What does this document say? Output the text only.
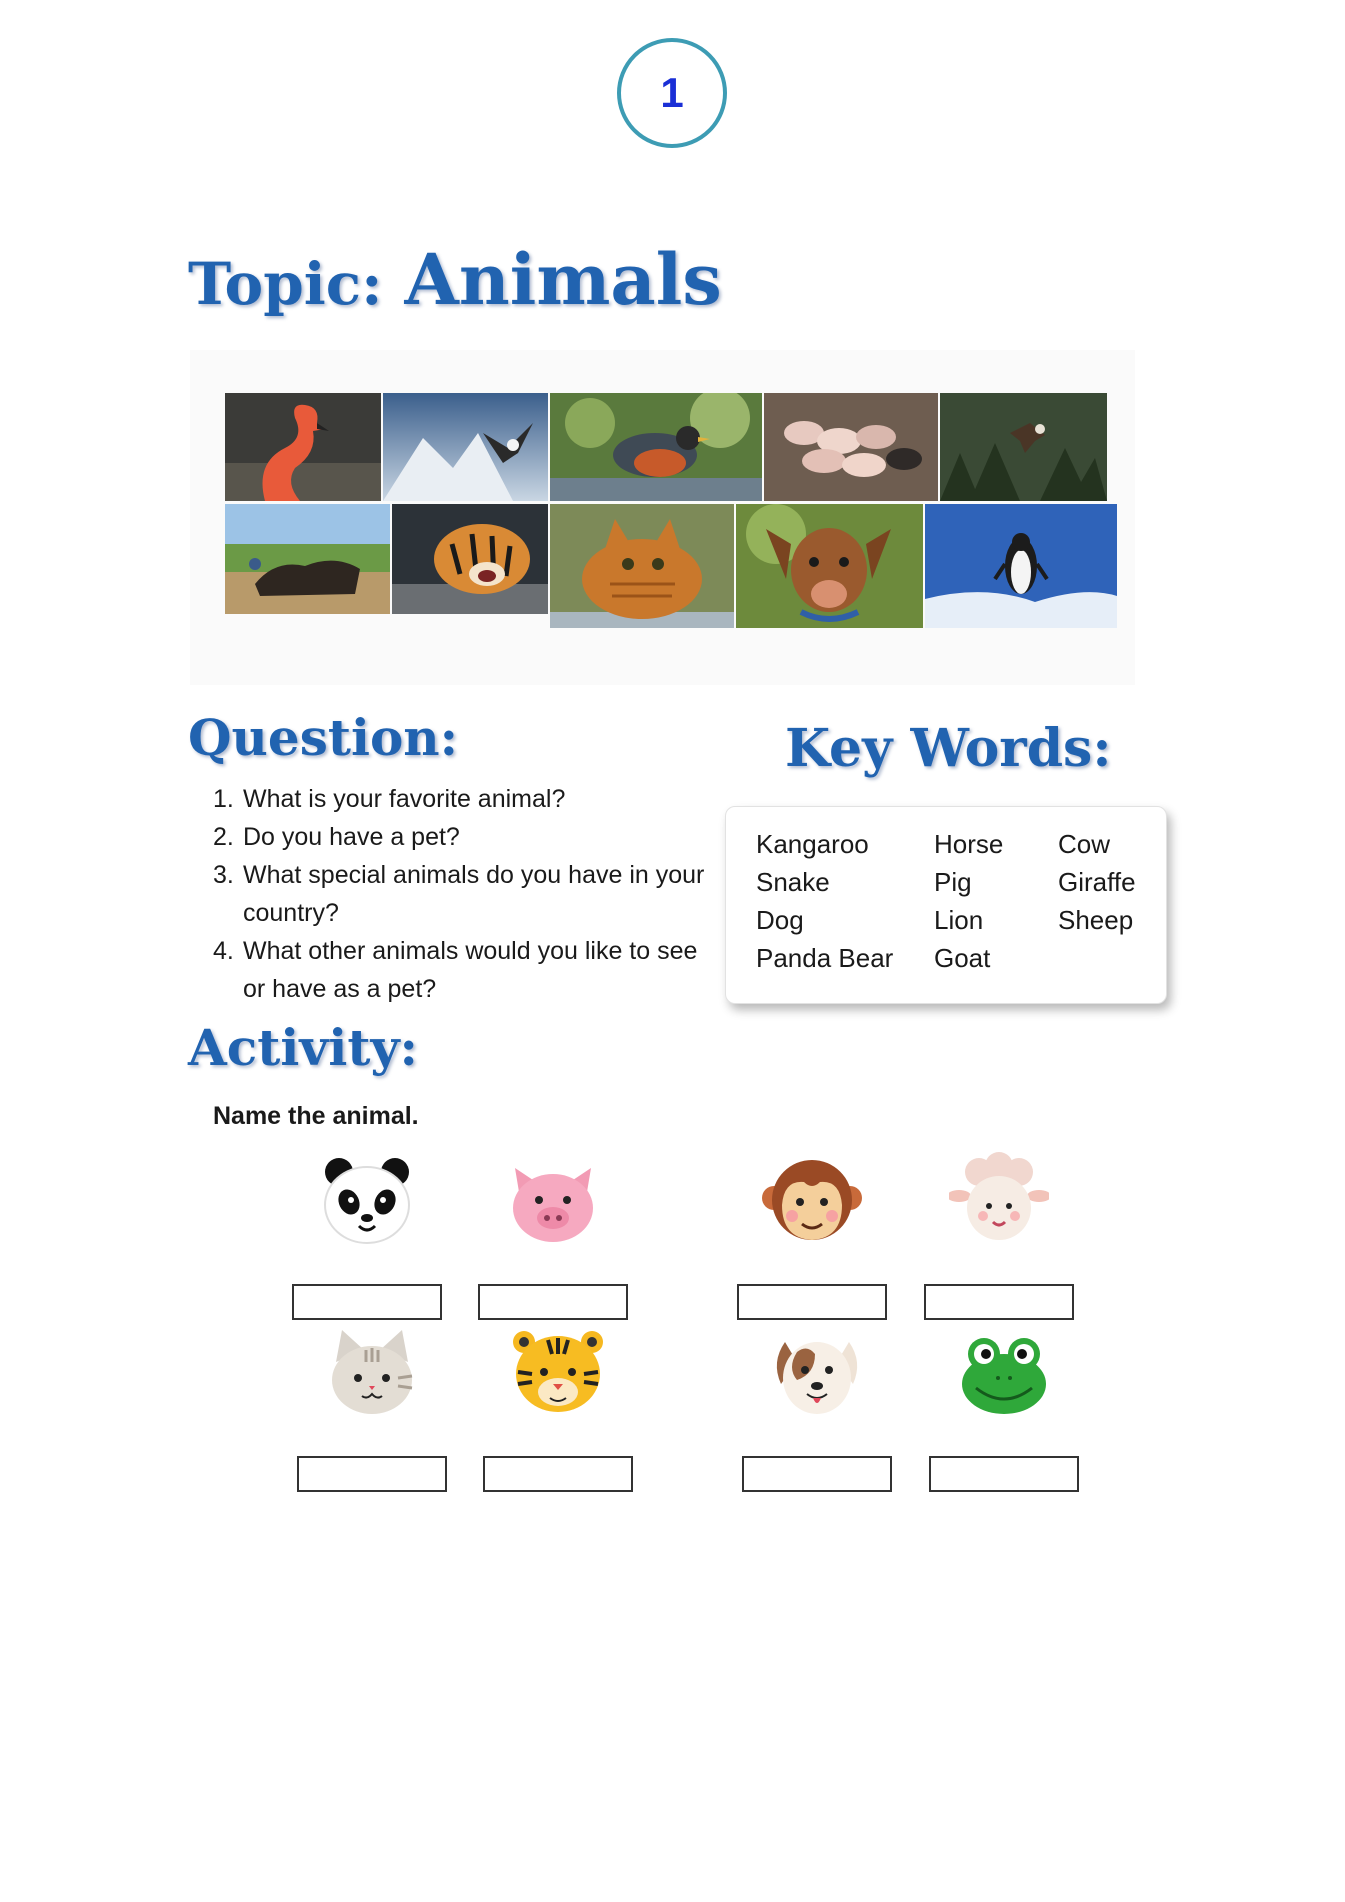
1
Topic: Animals
Question:
1. What is your favorite animal?
2. Do you have a pet?
3. What special animals do you have in your country?
4. What other animals would you like to see or have as a pet?
Key Words:
Kangaroo
Snake
Dog
Panda Bear
Horse
Pig
Lion
Goat
Cow
Giraffe
Sheep
Activity:
Name the animal.
